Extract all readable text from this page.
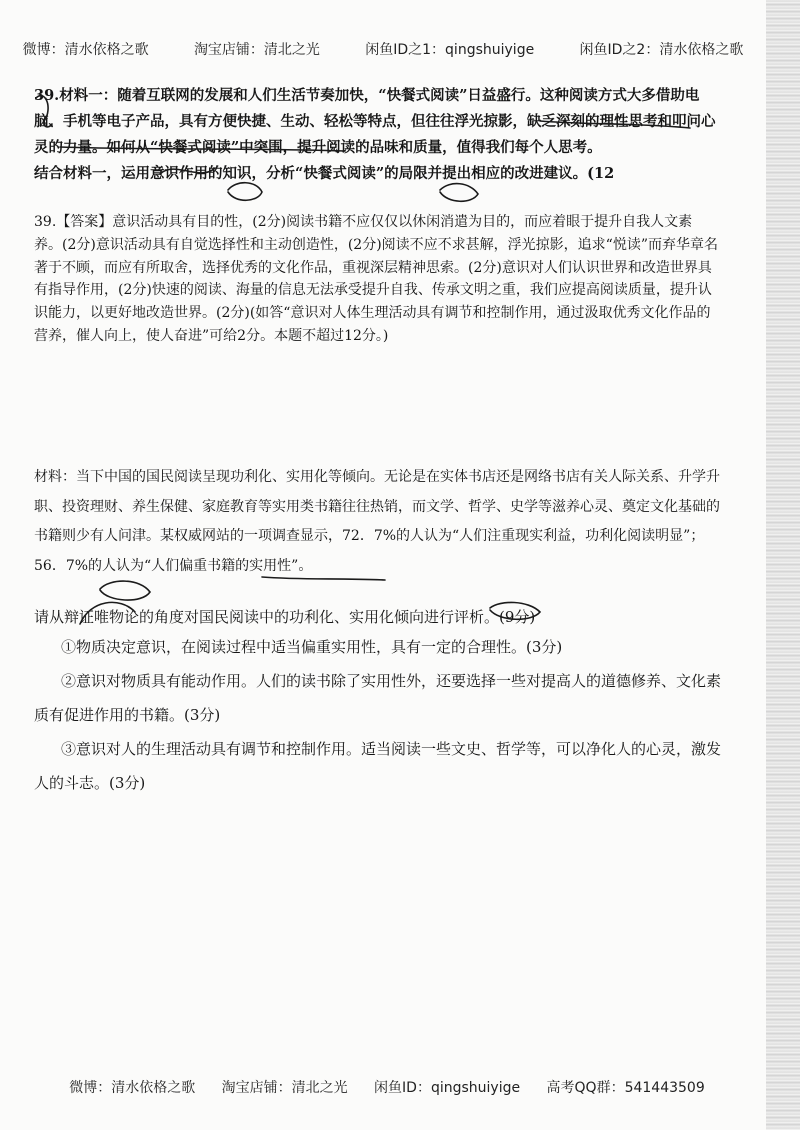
微博：清水依格之歌	淘宝店铺：清北之光	闲鱼ID之1：qingshuiyige	闲鱼ID之2：清水依格之歌

39.材料一：随着互联网的发展和人们生活节奏加快，“快餐式阅读”日益盛行。这种阅读方式大多借助电脑、手机等电子产品，具有方便快捷、生动、轻松等特点，但往往浮光掠影，缺乏深刻的理性思考和叩问心灵的力量。如何从“快餐式阅读”中突围，提升阅读的品味和质量，值得我们每个人思考。

结合材料一，运用意识作用的知识，分析“快餐式阅读”的局限并提出相应的改进建议。(12

39.【答案】意识活动具有目的性，(2分)阅读书籍不应仅仅以休闲消遣为目的，而应着眼于提升自我人文素养。(2分)意识活动具有自觉选择性和主动创造性，(2分)阅读不应不求甚解，浮光掠影，追求“悦读”而弃华章名著于不顾，而应有所取舍，选择优秀的文化作品，重视深层精神思索。(2分)意识对人们认识世界和改造世界具有指导作用，(2分)快速的阅读、海量的信息无法承受提升自我、传承文明之重，我们应提高阅读质量，提升认识能力，以更好地改造世界。(2分)(如答“意识对人体生理活动具有调节和控制作用，通过汲取优秀文化作品的营养，催人向上，使人奋进”可给2分。本题不超过12分。)

材料：当下中国的国民阅读呈现功利化、实用化等倾向。无论是在实体书店还是网络书店有关人际关系、升学升职、投资理财、养生保健、家庭教育等实用类书籍往往热销，而文学、哲学、史学等滋养心灵、奠定文化基础的书籍则少有人问津。某权威网站的一项调查显示，72．7%的人认为“人们注重现实利益，功利化阅读明显”；56．7%的人认为“人们偏重书籍的实用性”。

请从辩证唯物论的角度对国民阅读中的功利化、实用化倾向进行评析。(9分)

①物质决定意识，在阅读过程中适当偏重实用性，具有一定的合理性。(3分)
②意识对物质具有能动作用。人们的读书除了实用性外，还要选择一些对提高人的道德修养、文化素质有促进作用的书籍。(3分)
③意识对人的生理活动具有调节和控制作用。适当阅读一些文史、哲学等，可以净化人的心灵，激发人的斗志。(3分)
微博：清水依格之歌 淘宝店铺：清北之光 闲鱼ID：qingshuiyige 高考QQ群：541443509
